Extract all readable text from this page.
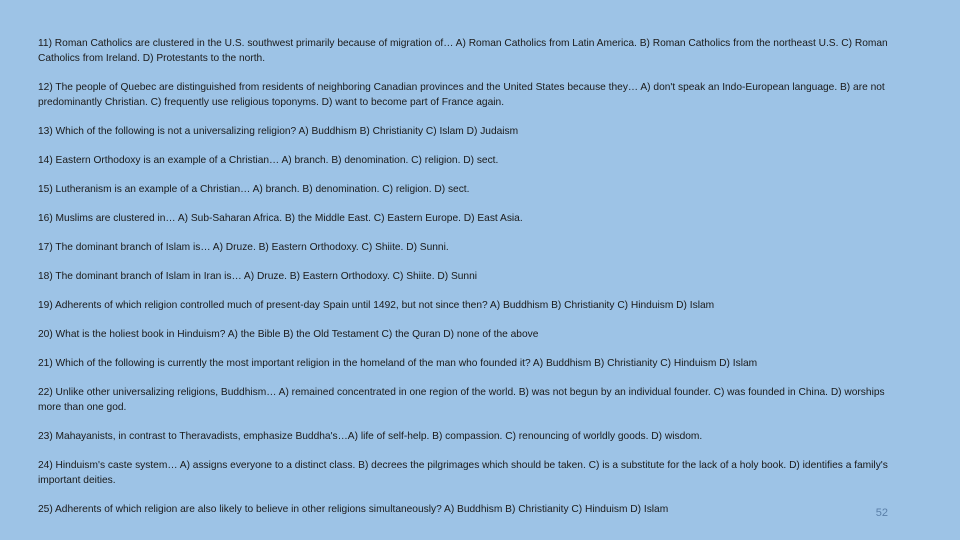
11) Roman Catholics are clustered in the U.S. southwest primarily because of migration of… A) Roman Catholics from Latin America. B) Roman Catholics from the northeast U.S. C) Roman Catholics from Ireland. D) Protestants to the north.

12) The people of Quebec are distinguished from residents of neighboring Canadian provinces and the United States because they… A) don't speak an Indo-European language. B) are not predominantly Christian. C) frequently use religious toponyms. D) want to become part of France again.

13) Which of the following is not a universalizing religion? A) Buddhism B) Christianity C) Islam D) Judaism

14) Eastern Orthodoxy is an example of a Christian… A) branch. B) denomination. C) religion. D) sect.

15) Lutheranism is an example of a Christian… A) branch. B) denomination. C) religion. D) sect.

16) Muslims are clustered in… A) Sub-Saharan Africa. B) the Middle East. C) Eastern Europe. D) East Asia.

17) The dominant branch of Islam is… A) Druze. B) Eastern Orthodoxy. C) Shiite. D) Sunni.

18) The dominant branch of Islam in Iran is… A) Druze. B) Eastern Orthodoxy. C) Shiite. D) Sunni

19) Adherents of which religion controlled much of present-day Spain until 1492, but not since then? A) Buddhism B) Christianity C) Hinduism D) Islam

20) What is the holiest book in Hinduism? A) the Bible B) the Old Testament C) the Quran D) none of the above

21) Which of the following is currently the most important religion in the homeland of the man who founded it? A) Buddhism B) Christianity C) Hinduism D) Islam

22) Unlike other universalizing religions, Buddhism… A) remained concentrated in one region of the world. B) was not begun by an individual founder. C) was founded in China. D) worships more than one god.

23) Mahayanists, in contrast to Theravadists, emphasize Buddha's…A) life of self-help. B) compassion. C) renouncing of worldly goods. D) wisdom.

24) Hinduism's caste system… A) assigns everyone to a distinct class. B) decrees the pilgrimages which should be taken. C) is a substitute for the lack of a holy book. D) identifies a family's important deities.

25) Adherents of which religion are also likely to believe in other religions simultaneously? A) Buddhism B) Christianity C) Hinduism D) Islam	52
